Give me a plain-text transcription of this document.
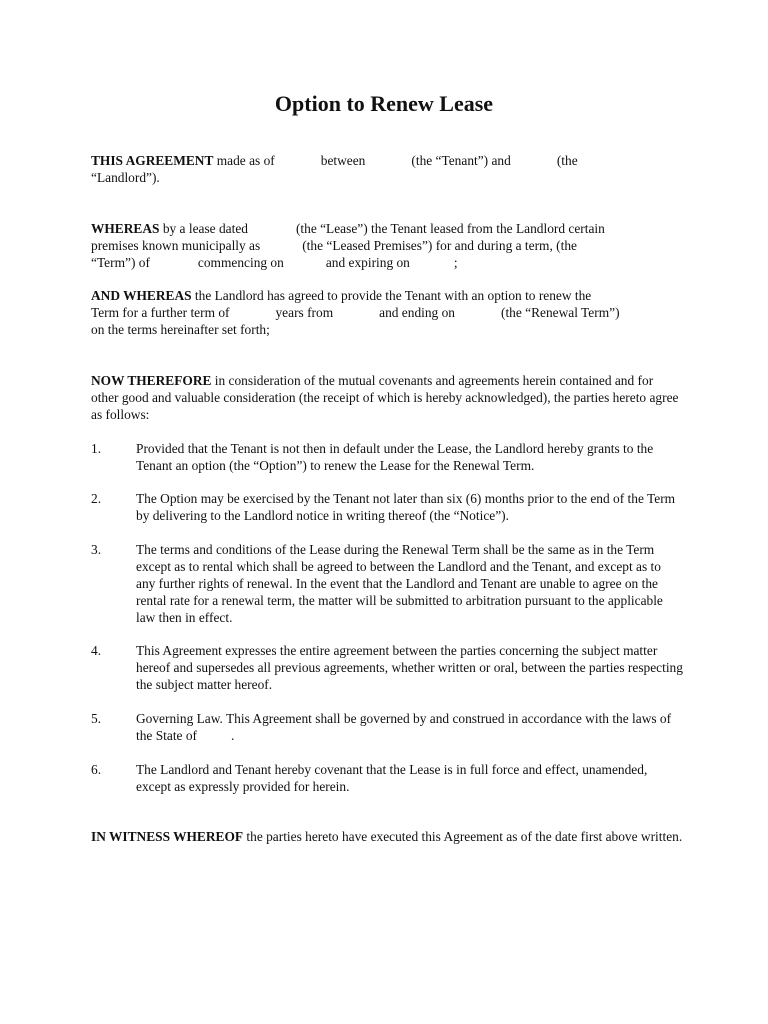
Option to Renew Lease

THIS AGREEMENT made as of	between	(the “Tenant”) and	(the
“Landlord”).

WHEREAS by a lease dated	(the “Lease”) the Tenant leased from the Landlord certain
premises known municipally as	(the “Leased Premises”) for and during a term, (the
“Term”) of	commencing on	and expiring on	;

AND WHEREAS the Landlord has agreed to provide the Tenant with an option to renew the
Term for a further term of	years from	and ending on	(the “Renewal Term”)
on the terms hereinafter set forth;

NOW THEREFORE in consideration of the mutual covenants and agreements herein contained and for other good and valuable consideration (the receipt of which is hereby acknowledged), the parties hereto agree as follows:

1.	Provided that the Tenant is not then in default under the Lease, the Landlord hereby grants to the Tenant an option (the “Option”) to renew the Lease for the Renewal Term.

2.	The Option may be exercised by the Tenant not later than six (6) months prior to the end of the Term by delivering to the Landlord notice in writing thereof (the “Notice”).

3.	The terms and conditions of the Lease during the Renewal Term shall be the same as in the Term except as to rental which shall be agreed to between the Landlord and the Tenant, and except as to any further rights of renewal. In the event that the Landlord and Tenant are unable to agree on the rental rate for a renewal term, the matter will be submitted to arbitration pursuant to the applicable law then in effect.

4.	This Agreement expresses the entire agreement between the parties concerning the subject matter hereof and supersedes all previous agreements, whether written or oral, between the parties respecting the subject matter hereof.

5.	Governing Law. This Agreement shall be governed by and construed in accordance with the laws of the State of	.

6.	The Landlord and Tenant hereby covenant that the Lease is in full force and effect, unamended, except as expressly provided for herein.

IN WITNESS WHEREOF the parties hereto have executed this Agreement as of the date first above written.
